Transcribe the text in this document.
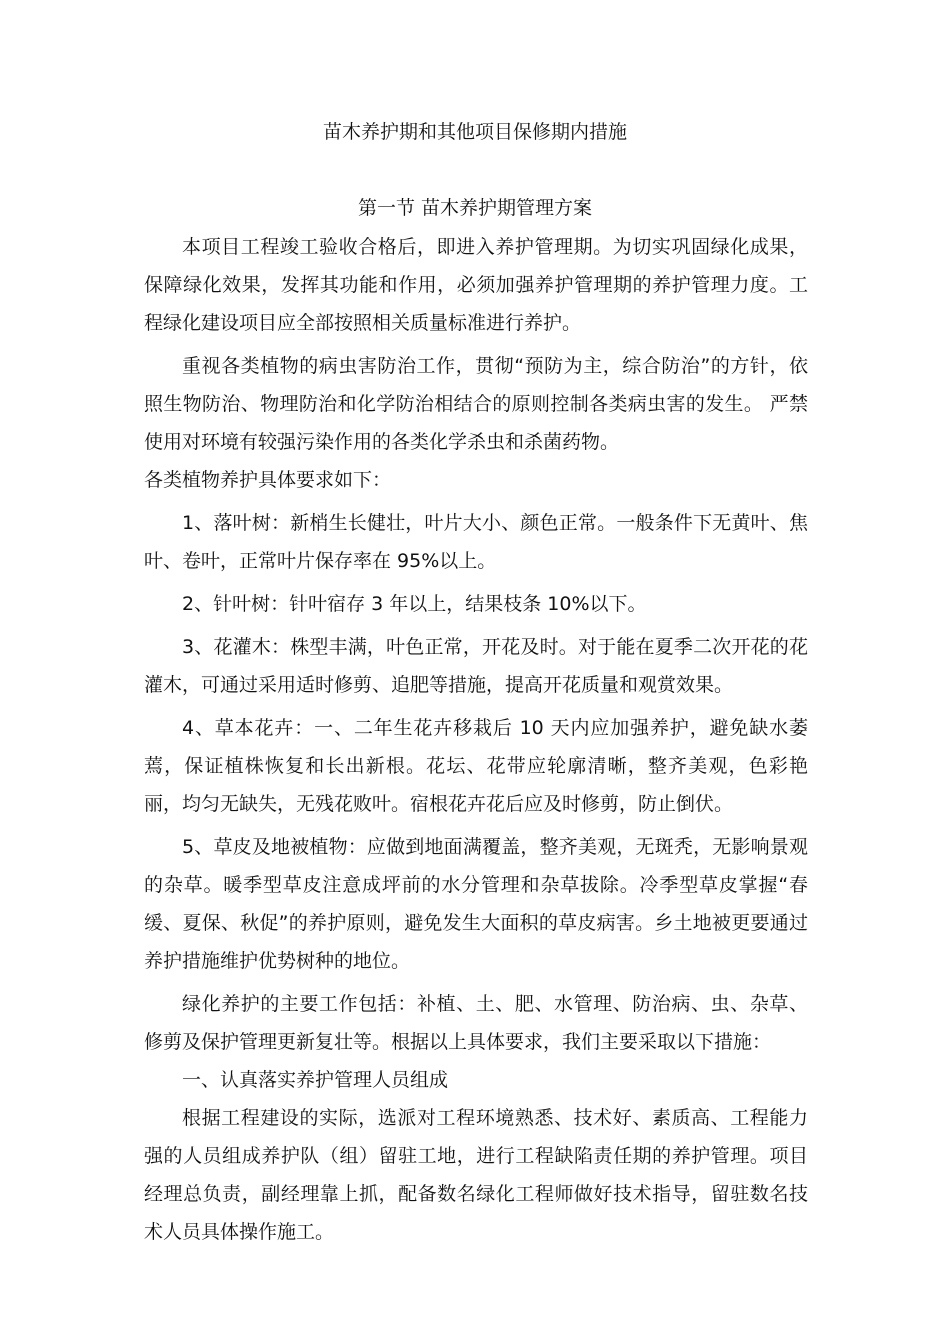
苗木养护期和其他项目保修期内措施
第一节 苗木养护期管理方案

本项目工程竣工验收合格后，即进入养护管理期。为切实巩固绿化成果，保障绿化效果，发挥其功能和作用，必须加强养护管理期的养护管理力度。工程绿化建设项目应全部按照相关质量标准进行养护。

重视各类植物的病虫害防治工作，贯彻“预防为主，综合防治”的方针，依照生物防治、物理防治和化学防治相结合的原则控制各类病虫害的发生。 严禁使用对环境有较强污染作用的各类化学杀虫和杀菌药物。

各类植物养护具体要求如下：

1、落叶树：新梢生长健壮，叶片大小、颜色正常。一般条件下无黄叶、焦叶、卷叶，正常叶片保存率在 95%以上。

2、针叶树：针叶宿存 3 年以上，结果枝条 10%以下。

3、花灌木：株型丰满，叶色正常，开花及时。对于能在夏季二次开花的花灌木，可通过采用适时修剪、追肥等措施，提高开花质量和观赏效果。

4、草本花卉：一、二年生花卉移栽后 10 天内应加强养护，避免缺水萎蔫，保证植株恢复和长出新根。花坛、花带应轮廓清晰，整齐美观，色彩艳丽，均匀无缺失，无残花败叶。宿根花卉花后应及时修剪，防止倒伏。

5、草皮及地被植物：应做到地面满覆盖，整齐美观，无斑秃，无影响景观的杂草。暖季型草皮注意成坪前的水分管理和杂草拔除。冷季型草皮掌握“春缓、夏保、秋促”的养护原则，避免发生大面积的草皮病害。乡土地被更要通过养护措施维护优势树种的地位。

绿化养护的主要工作包括：补植、土、肥、水管理、防治病、虫、杂草、修剪及保护管理更新复壮等。根据以上具体要求，我们主要采取以下措施：

一、认真落实养护管理人员组成

根据工程建设的实际，选派对工程环境熟悉、技术好、素质高、工程能力强的人员组成养护队（组）留驻工地，进行工程缺陷责任期的养护管理。项目经理总负责，副经理靠上抓，配备数名绿化工程师做好技术指导，留驻数名技术人员具体操作施工。
